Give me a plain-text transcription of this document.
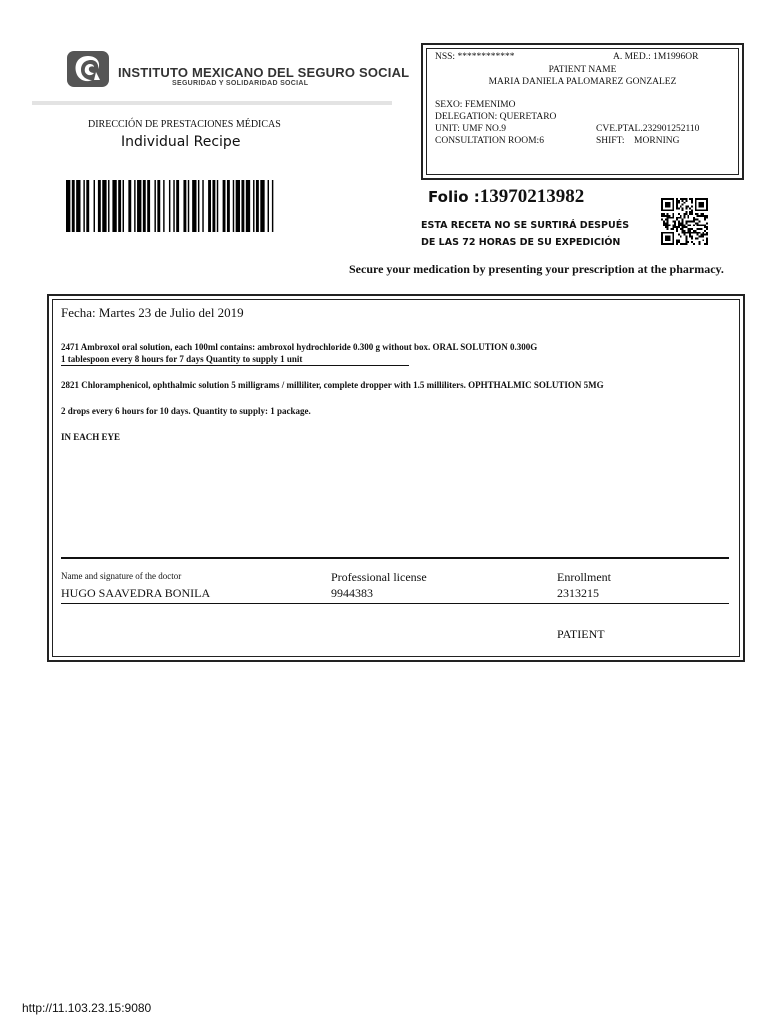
INSTITUTO MEXICANO DEL SEGURO SOCIAL
SEGURIDAD Y SOLIDARIDAD SOCIAL
DIRECCIÓN DE PRESTACIONES MÉDICAS
Individual Recipe
NSS: ************	A. MED.: 1M1996OR
PATIENT NAME
MARIA DANIELA PALOMAREZ GONZALEZ
SEXO: FEMENIMO
DELEGATION: QUERETARO
UNIT: UMF NO.9	CVE.PTAL.232901252110
CONSULTATION ROOM:6	SHIFT:    MORNING
Folio :13970213982
ESTA RECETA NO SE SURTIRÁ DESPUÉS
DE LAS 72 HORAS DE SU EXPEDICIÓN
Secure your medication by presenting your prescription at the pharmacy.
Fecha: Martes 23 de Julio del 2019
2471 Ambroxol oral solution, each 100ml contains: ambroxol hydrochloride 0.300 g without box. ORAL SOLUTION 0.300G
1 tablespoon every 8 hours for 7 days Quantity to supply 1 unit
2821 Chloramphenicol, ophthalmic solution 5 milligrams / milliliter, complete dropper with 1.5 milliliters. OPHTHALMIC SOLUTION 5MG
2 drops every 6 hours for 10 days. Quantity to supply: 1 package.
IN EACH EYE
Name and signature of the doctor	Professional license	Enrollment
HUGO SAAVEDRA BONILA	9944383	2313215
PATIENT
http://11.103.23.15:9080
